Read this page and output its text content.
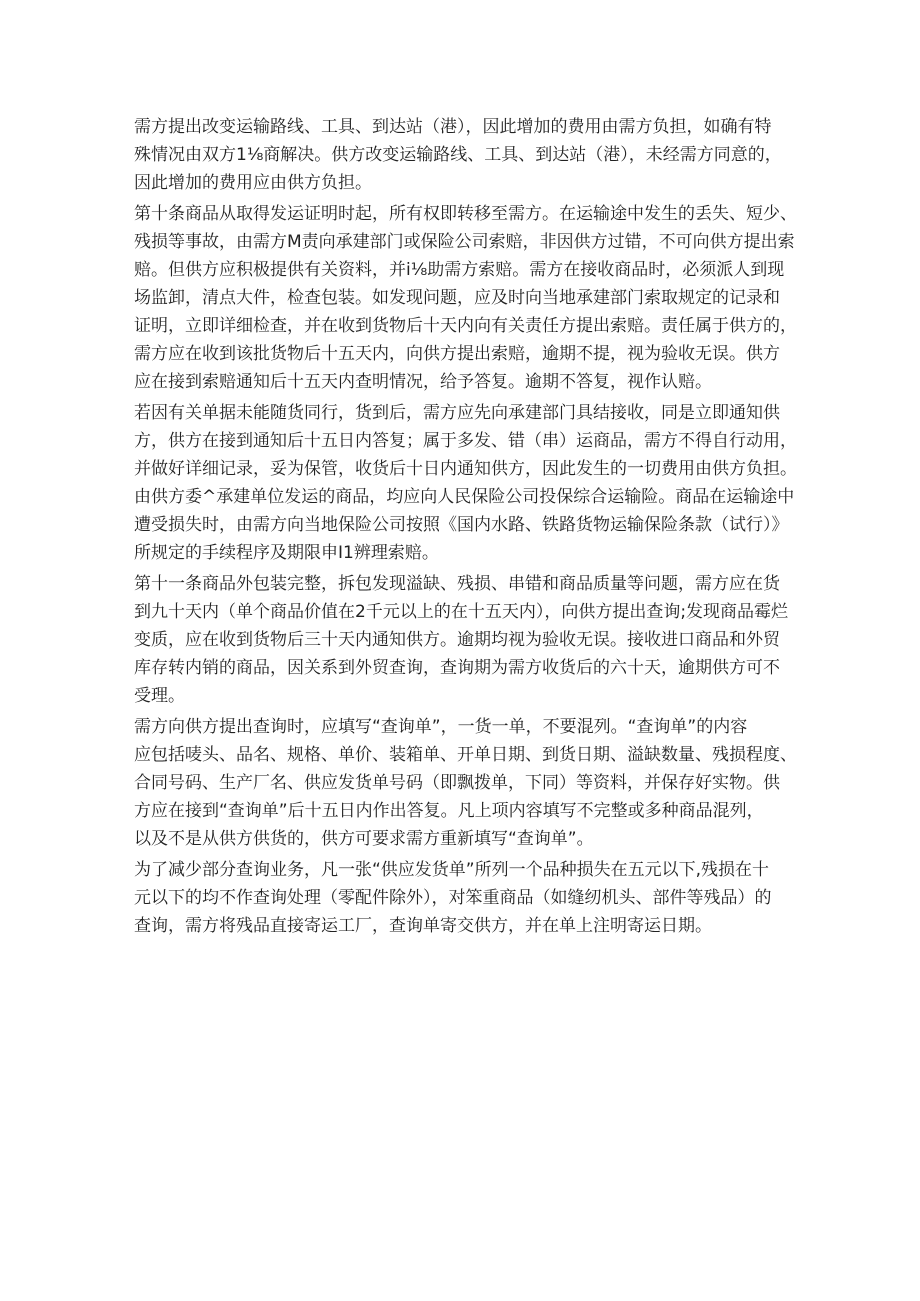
需方提出改变运输路线、工具、到达站（港），因此增加的费用由需方负担，如确有特
殊情况由双方1⅛商解决。供方改变运输路线、工具、到达站（港），未经需方同意的，
因此增加的费用应由供方负担。

第十条商品从取得发运证明时起，所有权即转移至需方。在运输途中发生的丢失、短少、
残损等事故，由需方M责向承建部门或保险公司索赔，非因供方过错，不可向供方提出索
赔。但供方应积极提供有关资料，并i⅛助需方索赔。需方在接收商品时，必须派人到现
场监卸，清点大件，检查包装。如发现问题，应及时向当地承建部门索取规定的记录和
证明，立即详细检查，并在收到货物后十天内向有关责任方提出索赔。责任属于供方的，
需方应在收到该批货物后十五天内，向供方提出索赔，逾期不提，视为验收无误。供方
应在接到索赔通知后十五天内查明情况，给予答复。逾期不答复，视作认赔。

若因有关单据未能随货同行，货到后，需方应先向承建部门具结接收，同是立即通知供
方，供方在接到通知后十五日内答复；属于多发、错（串）运商品，需方不得自行动用，
并做好详细记录，妥为保管，收货后十日内通知供方，因此发生的一切费用由供方负担。
由供方委^承建单位发运的商品，均应向人民保险公司投保综合运输险。商品在运输途中
遭受损失时，由需方向当地保险公司按照《国内水路、铁路货物运输保险条款（试行）》
所规定的手续程序及期限申I1辨理索赔。

第十一条商品外包装完整，拆包发现溢缺、残损、串错和商品质量等问题，需方应在货
到九十天内（单个商品价值在2千元以上的在十五天内），向供方提出查询;发现商品霉烂
变质，应在收到货物后三十天内通知供方。逾期均视为验收无误。接收进口商品和外贸
库存转内销的商品，因关系到外贸查询，查询期为需方收货后的六十天，逾期供方可不
受理。

需方向供方提出查询时，应填写“查询单”，一货一单，不要混列。“查询单”的内容
应包括唛头、品名、规格、单价、装箱单、开单日期、到货日期、溢缺数量、残损程度、
合同号码、生产厂名、供应发货单号码（即飘拨单，下同）等资料，并保存好实物。供
方应在接到“查询单”后十五日内作出答复。凡上项内容填写不完整或多种商品混列，
以及不是从供方供货的，供方可要求需方重新填写“查询单”。

为了减少部分查询业务，凡一张“供应发货单”所列一个品种损失在五元以下,残损在十
元以下的均不作查询处理（零配件除外），对笨重商品（如缝纫机头、部件等残品）的
查询，需方将残品直接寄运工厂，查询单寄交供方，并在单上注明寄运日期。
